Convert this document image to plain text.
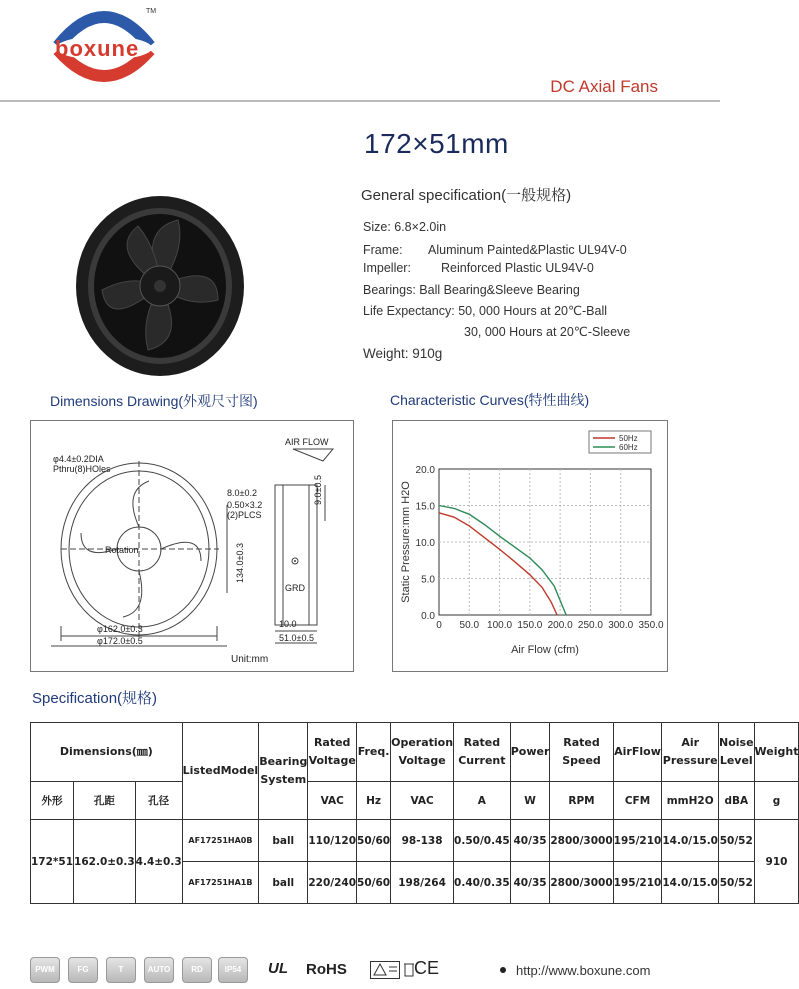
boxune
TM
DC Axial Fans
172×51mm
General specification(一般规格)
Size: 6.8×2.0in
Frame: Aluminum Painted&Plastic UL94V-0
Impeller: Reinforced Plastic UL94V-0
Bearings: Ball Bearing&Sleeve Bearing
Life Expectancy: 50, 000 Hours at 20℃-Ball
30, 000 Hours at 20℃-Sleeve
Weight: 910g
Dimensions Drawing(外观尺寸图)	Characteristic Curves(特性曲线)
φ4.4±0.2DIA
Pthru(8)HOles
Rotation
AIR FLOW
8.0±0.2
0.50×3.2
(2)PLCS
9.0±0.5
134.0±0.3
GRD
10.0
51.0±0.5
φ162.0±0.3
φ172.0±0.5
Unit:mm
0 50.0 100.0 150.0 200.0 250.0 300.0 350.0
0.0
5.0
10.0
15.0
20.0
Air Flow (cfm)
Static Pressure:mm H2O
50Hz
60Hz
Specification(规格)
Dimensions(㎜)			ListedModel	Bearing System	Rated Voltage	Freq.	Operation Voltage	Rated Current	Power	Rated Speed	AirFlow	Air Pressure	Noise Level	Weight
外形	孔距	孔径			VAC	Hz	VAC	A	W	RPM	CFM	mmH2O	dBA	g
172*51	162.0±0.3	4.4±0.3	AF17251HA0B	ball	110/120	50/60	98-138	0.50/0.45	40/35	2800/3000	195/210	14.0/15.0	50/52	910
			AF17251HA1B	ball	220/240	50/60	198/264	0.40/0.35	40/35	2800/3000	195/210	14.0/15.0	50/52	
PWM	FG	T	AUTO	RD	IP54	UL RoHS	CE	http://www.boxune.com
